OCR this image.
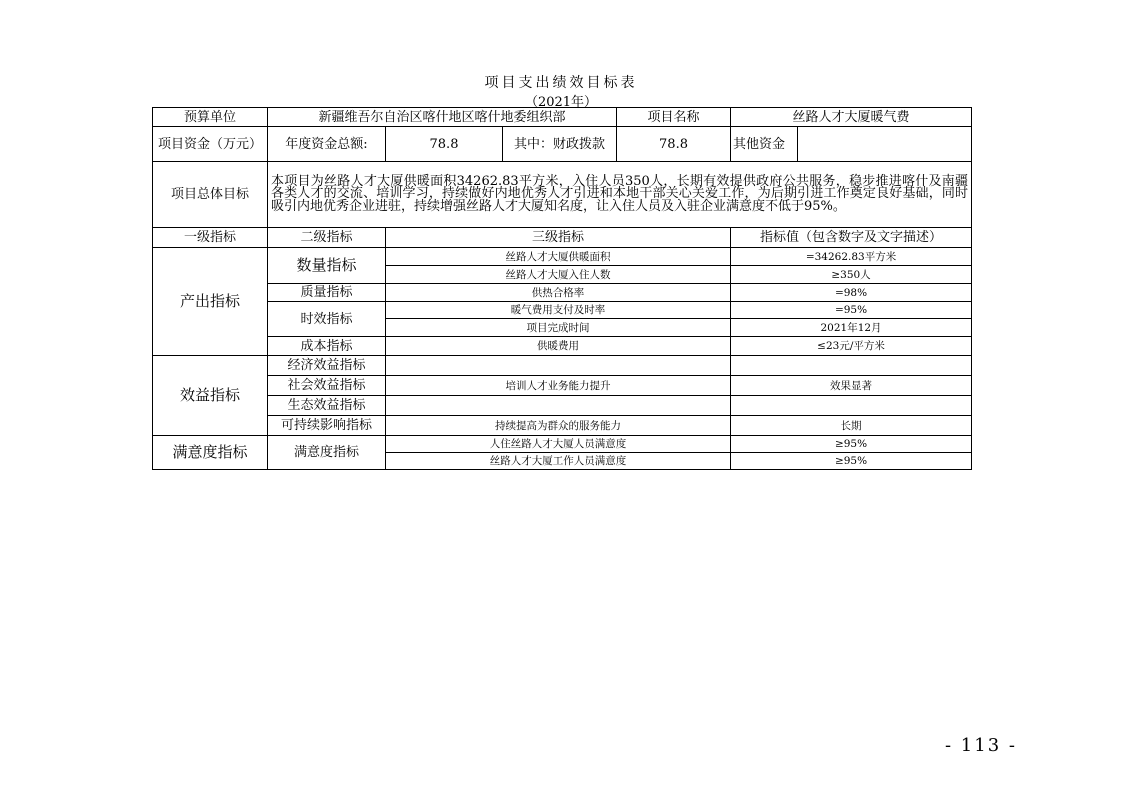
项目支出绩效目标表
（2021年）
预算单位	新疆维吾尔自治区喀什地区喀什地委组织部			项目名称	丝路人才大厦暖气费	
项目资金（万元）	年度资金总额:	78.8	其中：财政拨款	78.8	其他资金	
项目总体目标	本项目为丝路人才大厦供暖面积34262.83平方米，入住人员350人，长期有效提供政府公共服务，稳步推进喀什及南疆各类人才的交流、培训学习，持续做好内地优秀人才引进和本地干部关心关爱工作，为后期引进工作奠定良好基础，同时吸引内地优秀企业进驻，持续增强丝路人才大厦知名度，让入住人员及入驻企业满意度不低于95%。					
一级指标	二级指标	三级指标			指标值（包含数字及文字描述）	
产出指标	数量指标	丝路人才大厦供暖面积			=34262.83平方米	
		丝路人才大厦入住人数			≥350人	
	质量指标	供热合格率			=98%	
	时效指标	暖气费用支付及时率			=95%	
		项目完成时间			2021年12月	
	成本指标	供暖费用			≤23元/平方米	
效益指标	经济效益指标					
	社会效益指标	培训人才业务能力提升			效果显著	
	生态效益指标					
	可持续影响指标	持续提高为群众的服务能力			长期	
满意度指标	满意度指标	人住丝路人才大厦人员满意度			≥95%	
		丝路人才大厦工作人员满意度			≥95%	
- 113 -
